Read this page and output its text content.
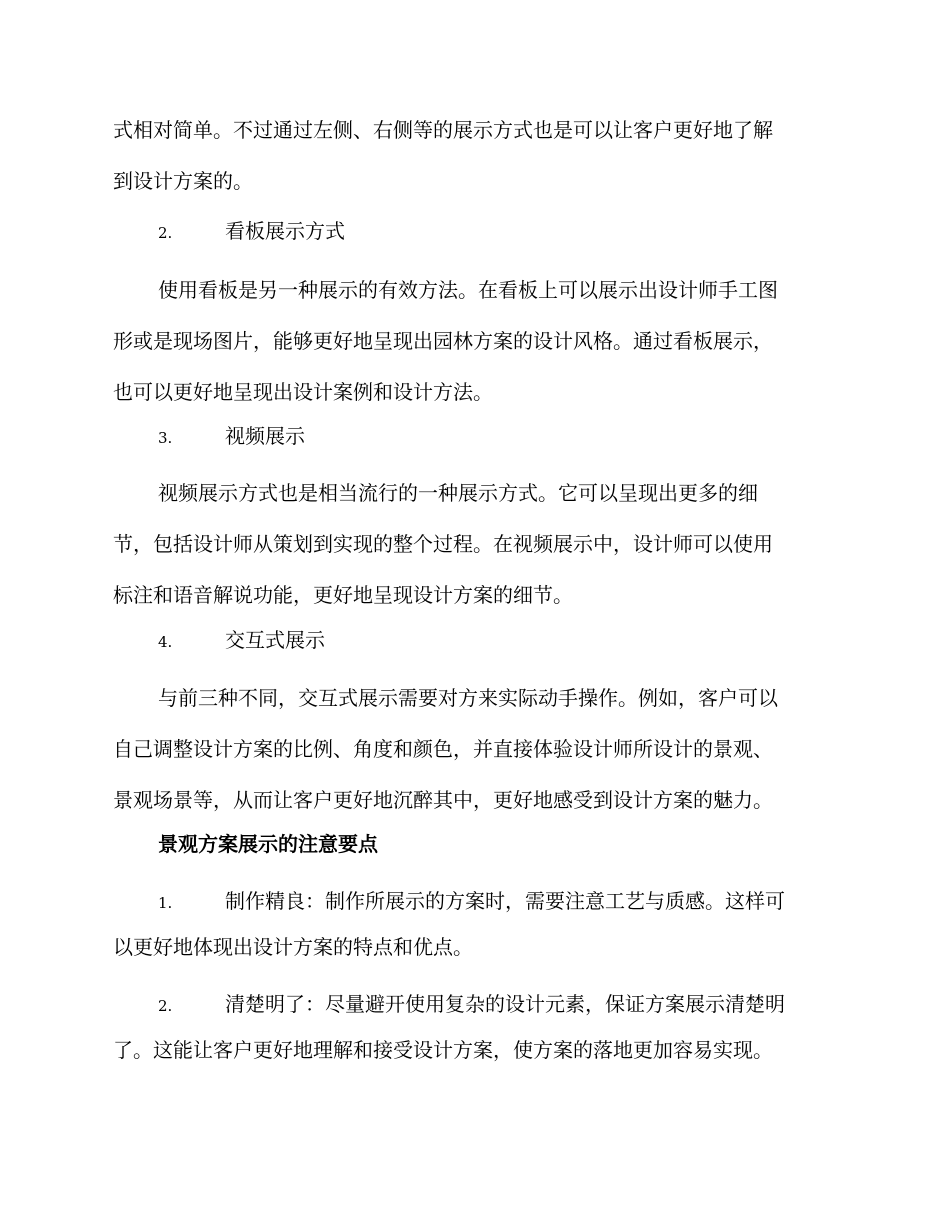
式相对简单。不过通过左侧、右侧等的展示方式也是可以让客户更好地了解
到设计方案的。
2.	看板展示方式
使用看板是另一种展示的有效方法。在看板上可以展示出设计师手工图
形或是现场图片，能够更好地呈现出园林方案的设计风格。通过看板展示，
也可以更好地呈现出设计案例和设计方法。
3.	视频展示
视频展示方式也是相当流行的一种展示方式。它可以呈现出更多的细
节，包括设计师从策划到实现的整个过程。在视频展示中，设计师可以使用
标注和语音解说功能，更好地呈现设计方案的细节。
4.	交互式展示
与前三种不同，交互式展示需要对方来实际动手操作。例如，客户可以
自己调整设计方案的比例、角度和颜色，并直接体验设计师所设计的景观、
景观场景等，从而让客户更好地沉醉其中，更好地感受到设计方案的魅力。
景观方案展示的注意要点
1.	制作精良：制作所展示的方案时，需要注意工艺与质感。这样可
以更好地体现出设计方案的特点和优点。
2.	清楚明了：尽量避开使用复杂的设计元素，保证方案展示清楚明
了。这能让客户更好地理解和接受设计方案，使方案的落地更加容易实现。
